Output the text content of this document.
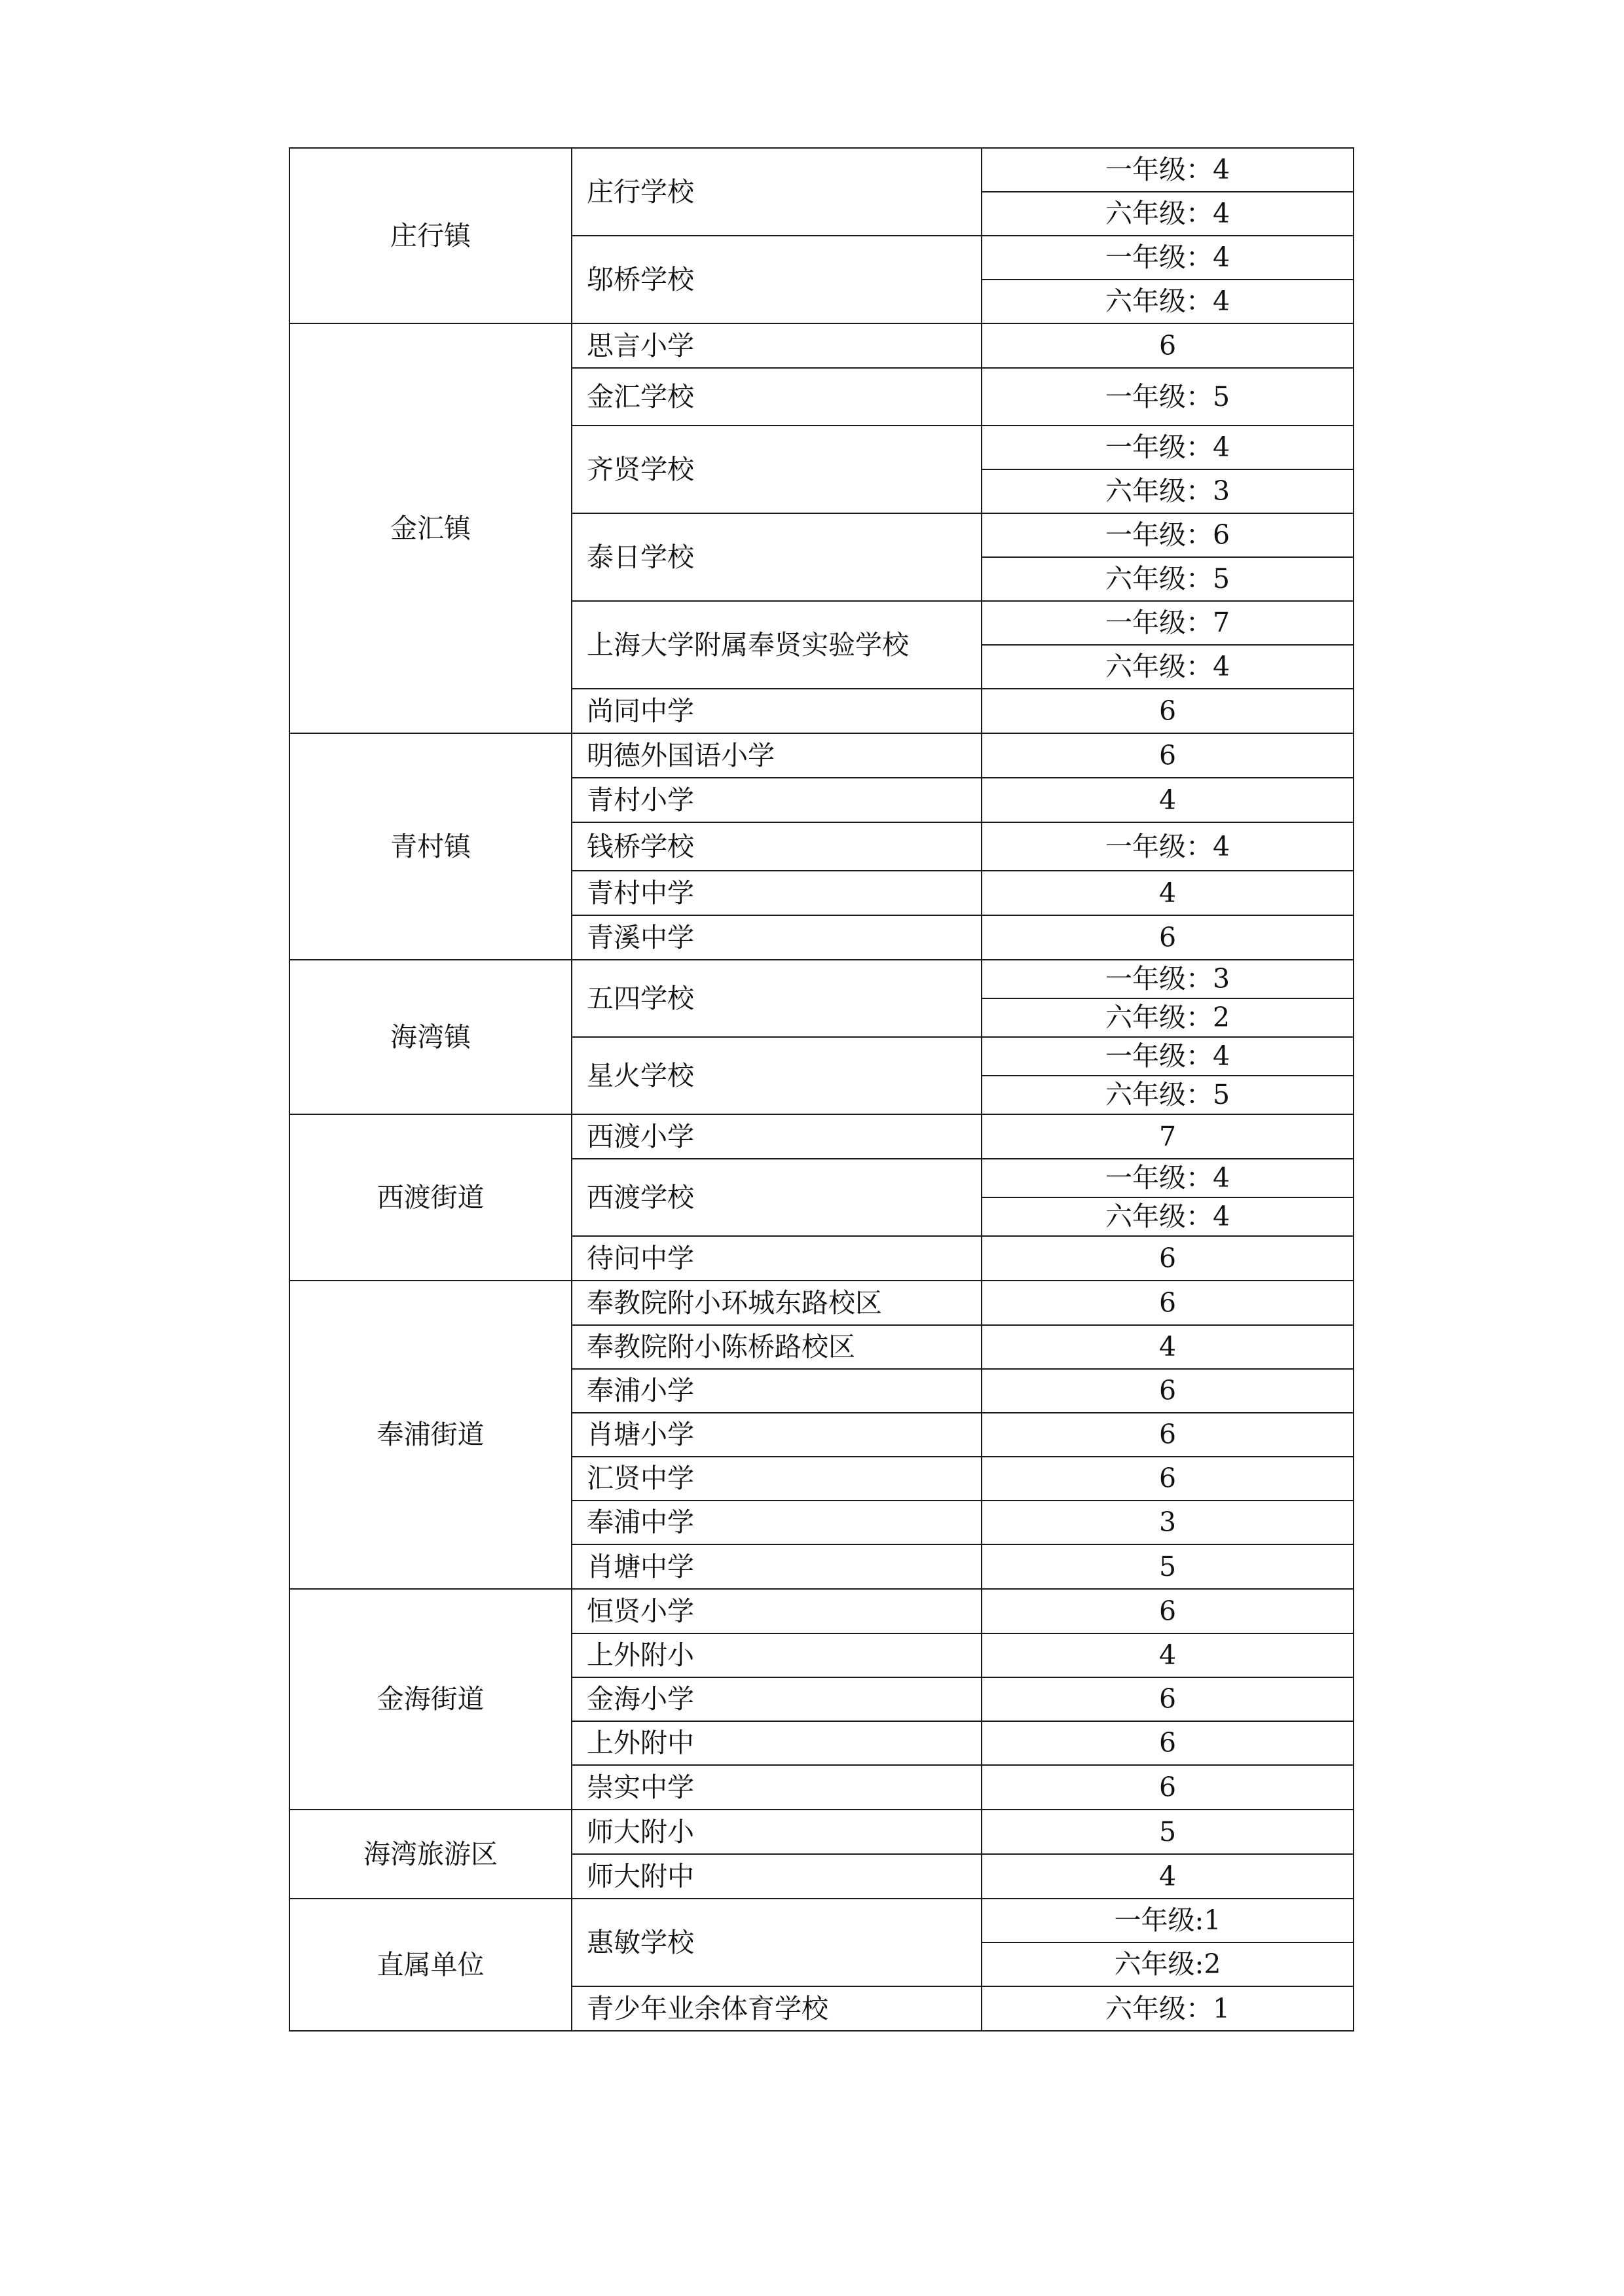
庄行镇	庄行学校	一年级：4
		六年级：4
	邬桥学校	一年级：4
		六年级：4
金汇镇	思言小学	6
	金汇学校	一年级：5
	齐贤学校	一年级：4
		六年级：3
	泰日学校	一年级：6
		六年级：5
	上海大学附属奉贤实验学校	一年级：7
		六年级：4
	尚同中学	6
青村镇	明德外国语小学	6
	青村小学	4
	钱桥学校	一年级：4
	青村中学	4
	青溪中学	6
海湾镇	五四学校	一年级：3
		六年级：2
	星火学校	一年级：4
		六年级：5
西渡街道	西渡小学	7
	西渡学校	一年级：4
		六年级：4
	待问中学	6
奉浦街道	奉教院附小环城东路校区	6
	奉教院附小陈桥路校区	4
	奉浦小学	6
	肖塘小学	6
	汇贤中学	6
	奉浦中学	3
	肖塘中学	5
金海街道	恒贤小学	6
	上外附小	4
	金海小学	6
	上外附中	6
	崇实中学	6
海湾旅游区	师大附小	5
	师大附中	4
直属单位	惠敏学校	一年级:1
		六年级:2
	青少年业余体育学校	六年级：1
